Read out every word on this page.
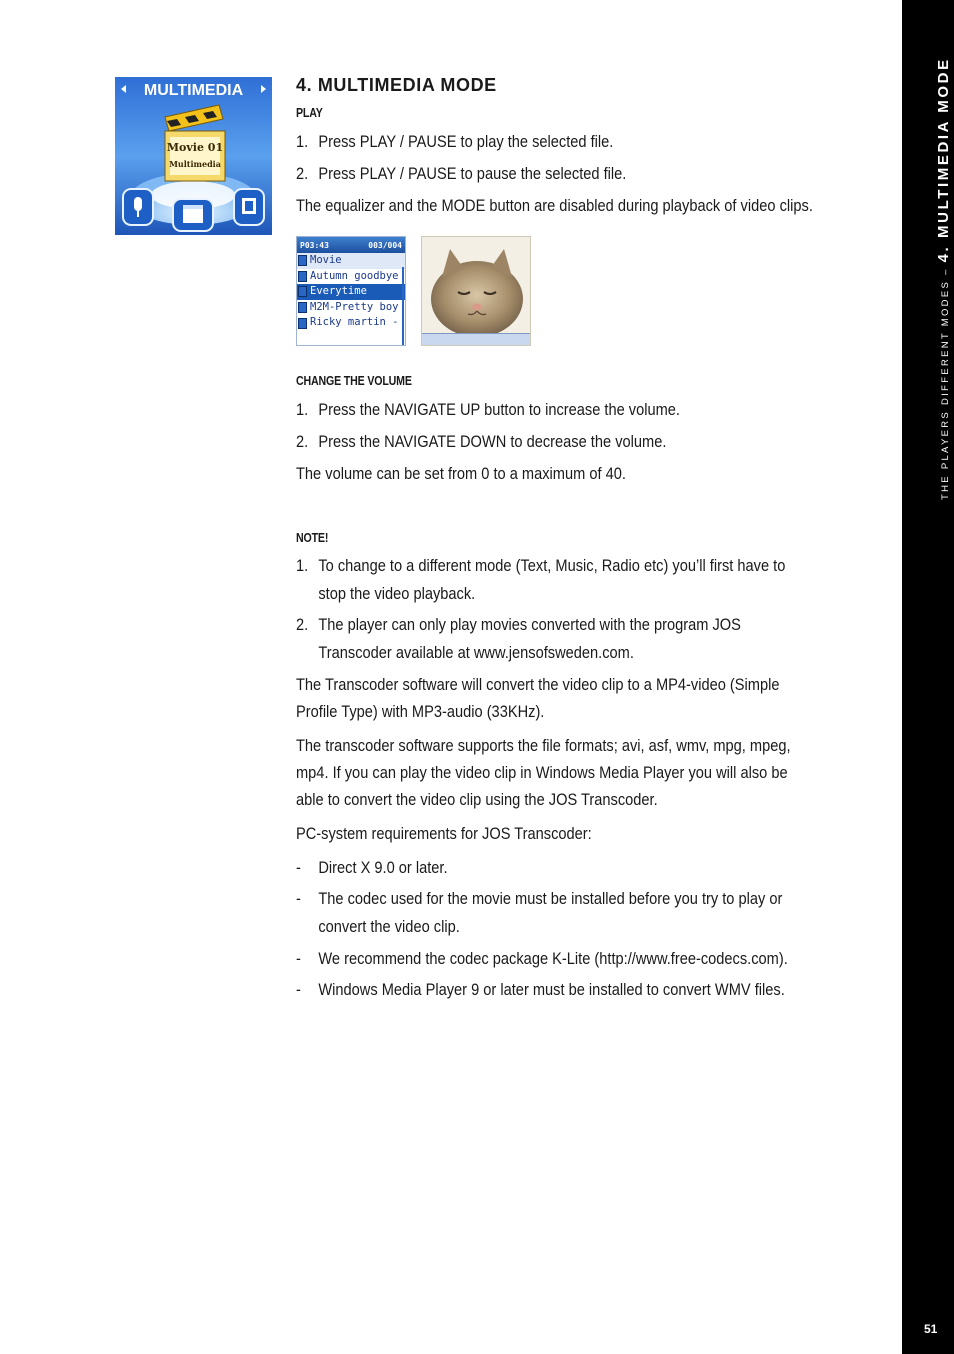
THE PLAYERS DIFFERENT MODES – 4. MULTIMEDIA MODE
51
MULTIMEDIA
Movie 01
Multimedia
4. MULTIMEDIA MODE
PLAY
1. Press PLAY / PAUSE to play the selected file.
2. Press PLAY / PAUSE to pause the selected file.
The equalizer and the MODE button are disabled during playback of video clips.
CHANGE THE VOLUME
1. Press the NAVIGATE UP button to increase the volume.
2. Press the NAVIGATE DOWN to decrease the volume.
The volume can be set from 0 to a maximum of 40.
NOTE!
1. To change to a different mode (Text, Music, Radio etc) you’ll first have to
stop the video playback.
2. The player can only play movies converted with the program JOS
Transcoder available at www.jensofsweden.com.
The Transcoder software will convert the video clip to a MP4-video (Simple
Profile Type) with MP3-audio (33KHz).
The transcoder software supports the file formats; avi, asf, wmv, mpg, mpeg,
mp4. If you can play the video clip in Windows Media Player you will also be
able to convert the video clip using the JOS Transcoder.
PC-system requirements for JOS Transcoder:
- Direct X 9.0 or later.
- The codec used for the movie must be installed before you try to play or
convert the video clip.
- We recommend the codec package K-Lite (http://www.free-codecs.com).
- Windows Media Player 9 or later must be installed to convert WMV files.
P03:43	003/004
Movie
Autumn goodbye
Everytime
M2M-Pretty boy
Ricky martin -
